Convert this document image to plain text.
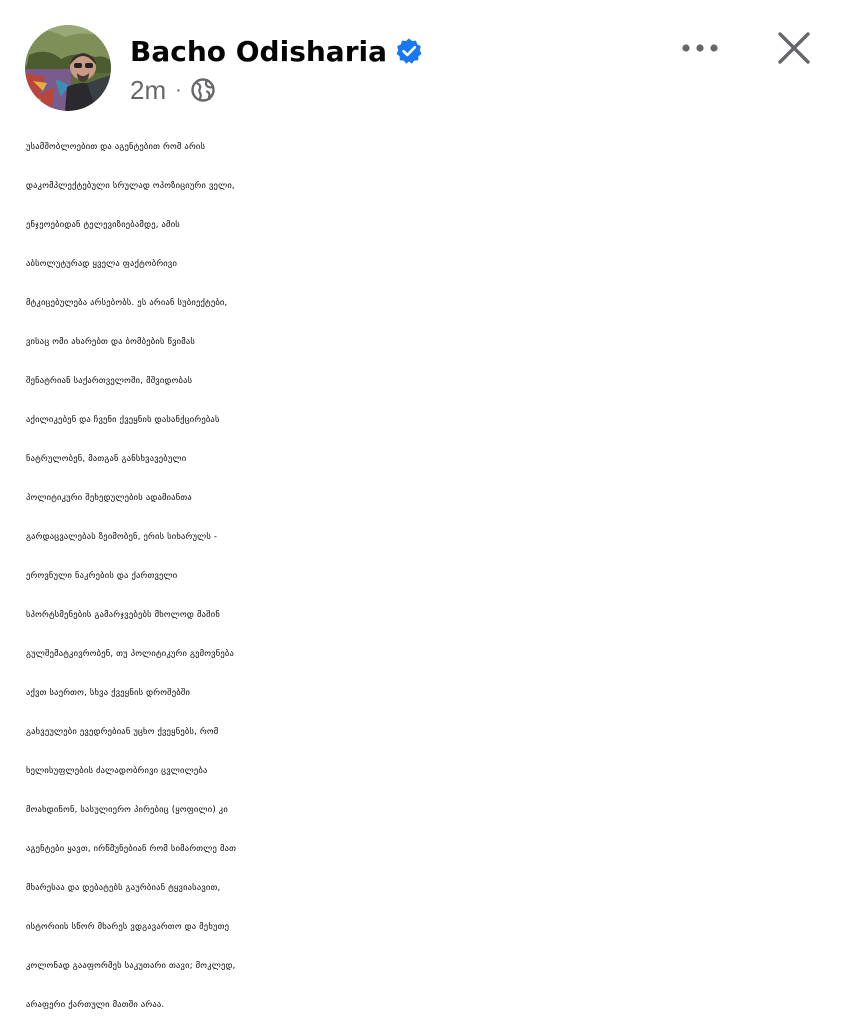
Bacho Odisharia
2m ·
უსამშობლოებით და აგენტებით რომ არის
დაკომპლექტებული სრულად ოპოზიციური ველი,
ენჯეოებიდან ტელევიზიებამდე, ამის
აბსოლუტურად ყველა ფაქტობრივი
მტკიცებულება არსებობს. ეს არიან სუბიექტები,
ვისაც ომი ახარებთ და ბომბების წვიმას
შენატრიან საქართველოში, მშვიდობას
აქილიკებენ და ჩვენი ქვეყნის დასანქცირებას
ნატრულობენ, მათგან განსხვავებული
პოლიტიკური შეხედულების ადამიანთა
გარდაცვალებას ზეიმობენ, ერის სიხარულს -
ეროვნული ნაკრების და ქართველი
სპორტსმენების გამარჯვებებს მხოლოდ მაშინ
გულშემატკივრობენ, თუ პოლიტიკური გემოვნება
აქვთ საერთო, სხვა ქვეყნის დროშებში
გახვეულები ევედრებიან უცხო ქვეყნებს, რომ
ხელისუფლების ძალადობრივი ცვლილება
მოახდინონ, სასულიერო პირებიც (ყოფილი) კი
აგენტები ყავთ, ირწმუნებიან რომ სიმართლე მათ
მხარესაა და დებატებს გაურბიან ტყვიასავით,
ისტორიის სწორ მხარეს ვდგავართო და მეხუთე
კოლონად გააფორმეს საკუთარი თავი; მოკლედ,
არაფერი ქართული მათში არაა.
